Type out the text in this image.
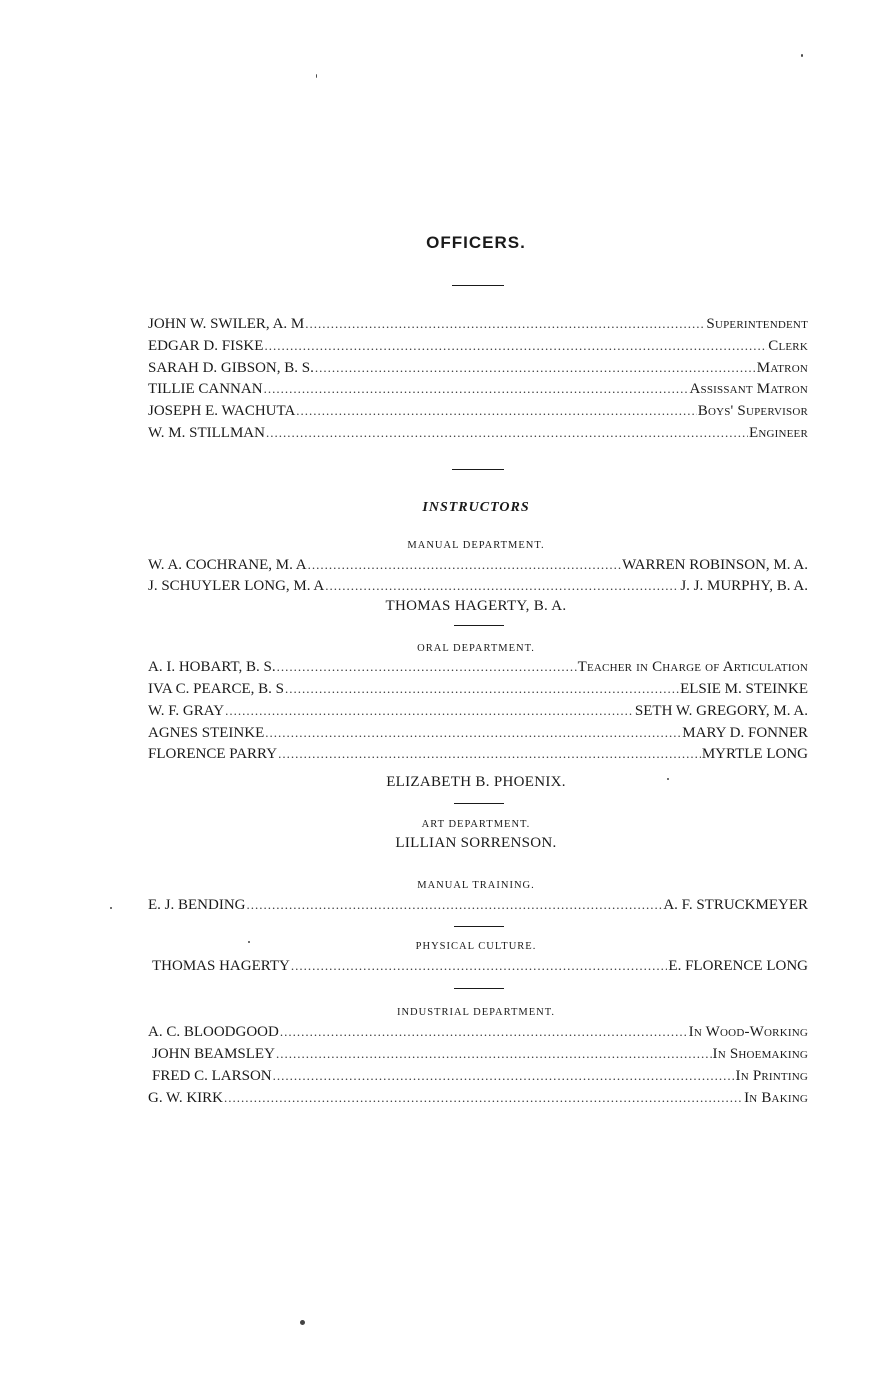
OFFICERS.
JOHN W. SWILER, A. M .....	Superintendent
EDGAR D. FISKE .....	Clerk
SARAH D. GIBSON, B. S. .....	Matron
TILLIE CANNAN .....	Assissant Matron
JOSEPH E. WACHUTA .....	Boys' Supervisor
W. M. STILLMAN .....	Engineer
INSTRUCTORS
MANUAL DEPARTMENT.
W. A. COCHRANE, M. A .....	WARREN ROBINSON, M. A.
J. SCHUYLER LONG, M. A .....	J. J. MURPHY, B. A.
THOMAS HAGERTY, B. A.
ORAL DEPARTMENT.
A. I. HOBART, B. S. .....	Teacher in Charge of Articulation
IVA C. PEARCE, B. S .....	ELSIE M. STEINKE
W. F. GRAY .....	SETH W. GREGORY, M. A.
AGNES STEINKE .....	MARY D. FONNER
FLORENCE PARRY .....	MYRTLE LONG
ELIZABETH B. PHOENIX.
ART DEPARTMENT.
LILLIAN SORRENSON.
MANUAL TRAINING.
E. J. BENDING .....	A. F. STRUCKMEYER
PHYSICAL CULTURE.
THOMAS HAGERTY .....	E. FLORENCE LONG
INDUSTRIAL DEPARTMENT.
A. C. BLOODGOOD .....	In Wood-Working
JOHN BEAMSLEY .....	In Shoemaking
FRED C. LARSON .....	In Printing
G. W. KIRK .....	In Baking
